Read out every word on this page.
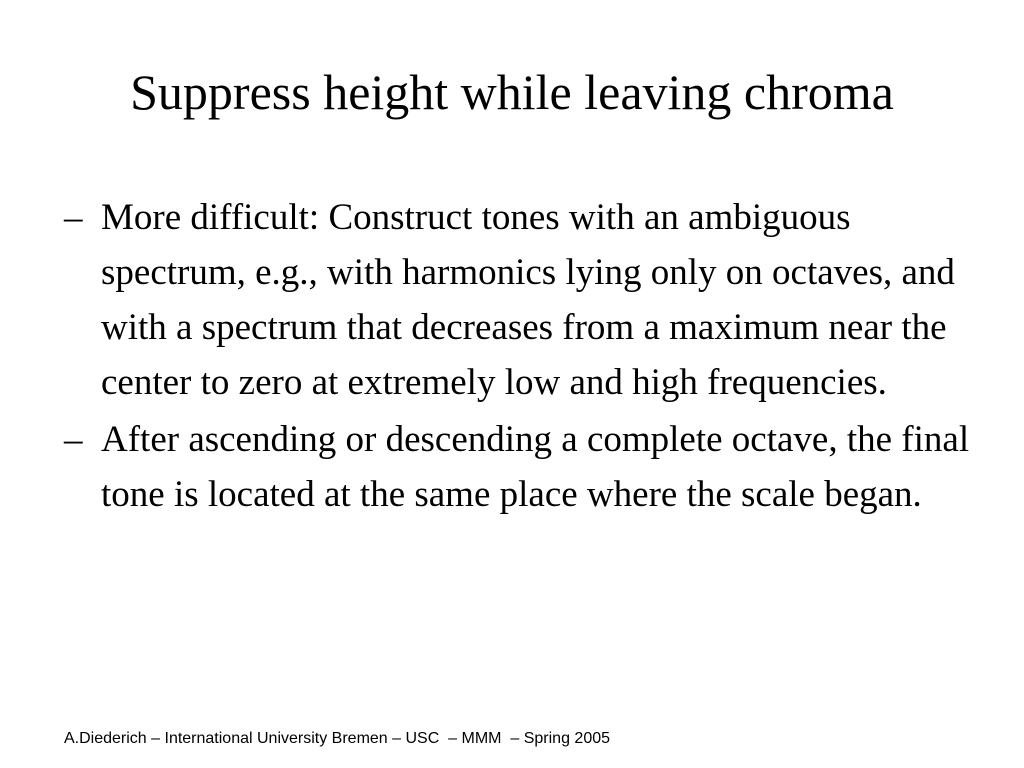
Suppress height while leaving chroma
– More difficult: Construct tones with an ambiguous spectrum, e.g., with harmonics lying only on octaves, and with a spectrum that decreases from a maximum near the center to zero at extremely low and high frequencies.
– After ascending or descending a complete octave, the final tone is located at the same place where the scale began.
A.Diederich – International University Bremen – USC  – MMM  – Spring 2005
